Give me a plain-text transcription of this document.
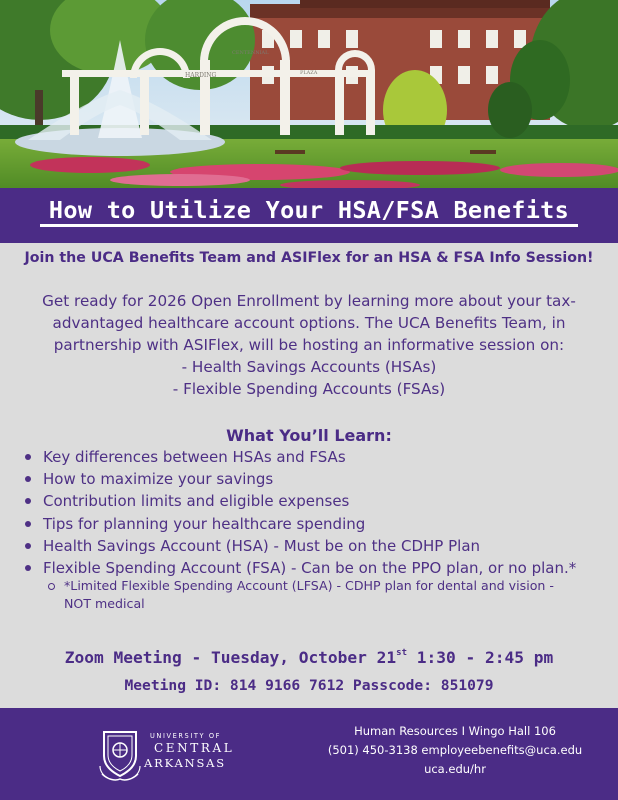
HARDING
CENTENNIAL
PLAZA
How to Utilize Your HSA/FSA Benefits
Join the UCA Benefits Team and ASIFlex for an HSA & FSA Info Session!
Get ready for 2026 Open Enrollment by learning more about your tax-
advantaged healthcare account options. The UCA Benefits Team, in
partnership with ASIFlex, will be hosting an informative session on:
- Health Savings Accounts (HSAs)
- Flexible Spending Accounts (FSAs)
What You’ll Learn:
Key differences between HSAs and FSAs
How to maximize your savings
Contribution limits and eligible expenses
Tips for planning your healthcare spending
Health Savings Account (HSA) - Must be on the CDHP Plan
Flexible Spending Account (FSA) - Can be on the PPO plan, or no plan.*
*Limited Flexible Spending Account (LFSA) - CDHP plan for dental and vision -
NOT medical
Zoom Meeting - Tuesday, October 21st 1:30 - 2:45 pm
Meeting ID: 814 9166 7612 Passcode: 851079
UNIVERSITY OF
CENTRAL
ARKANSAS
Human Resources I Wingo Hall 106
(501) 450-3138 employeebenefits@uca.edu
uca.edu/hr
